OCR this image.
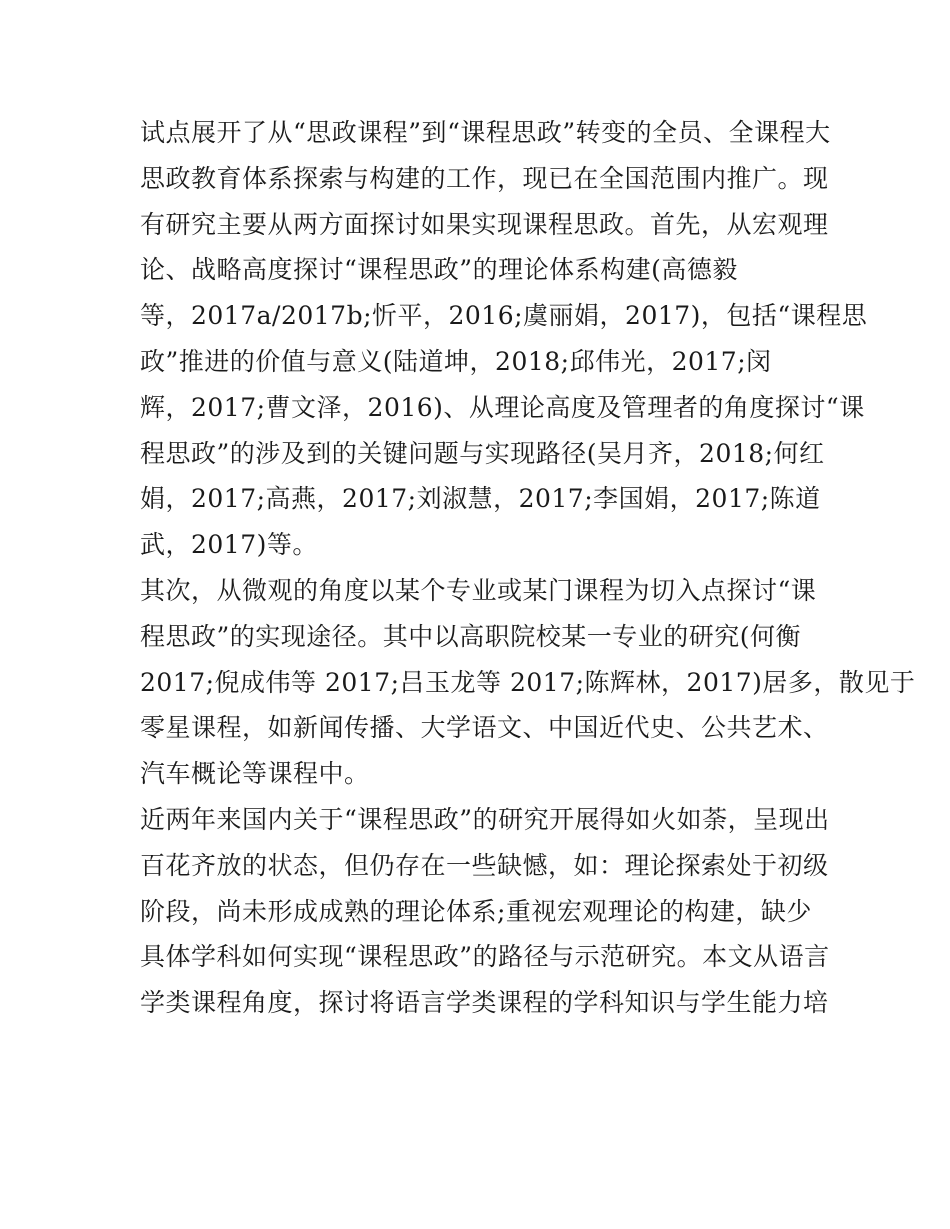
试点展开了从“思政课程”到“课程思政”转变的全员、全课程大
思政教育体系探索与构建的工作，现已在全国范围内推广。现
有研究主要从两方面探讨如果实现课程思政。首先，从宏观理
论、战略高度探讨“课程思政”的理论体系构建(高德毅
等，2017a/2017b;忻平，2016;虞丽娟，2017)，包括“课程思
政”推进的价值与意义(陆道坤，2018;邱伟光，2017;闵
辉，2017;曹文泽，2016)、从理论高度及管理者的角度探讨“课
程思政”的涉及到的关键问题与实现路径(吴月齐，2018;何红
娟，2017;高燕，2017;刘淑慧，2017;李国娟，2017;陈道
武，2017)等。
其次，从微观的角度以某个专业或某门课程为切入点探讨“课
程思政”的实现途径。其中以高职院校某一专业的研究(何衡
2017;倪成伟等 2017;吕玉龙等 2017;陈辉林，2017)居多，散见于
零星课程，如新闻传播、大学语文、中国近代史、公共艺术、
汽车概论等课程中。
近两年来国内关于“课程思政”的研究开展得如火如荼，呈现出
百花齐放的状态，但仍存在一些缺憾，如：理论探索处于初级
阶段，尚未形成成熟的理论体系;重视宏观理论的构建，缺少
具体学科如何实现“课程思政”的路径与示范研究。本文从语言
学类课程角度，探讨将语言学类课程的学科知识与学生能力培
